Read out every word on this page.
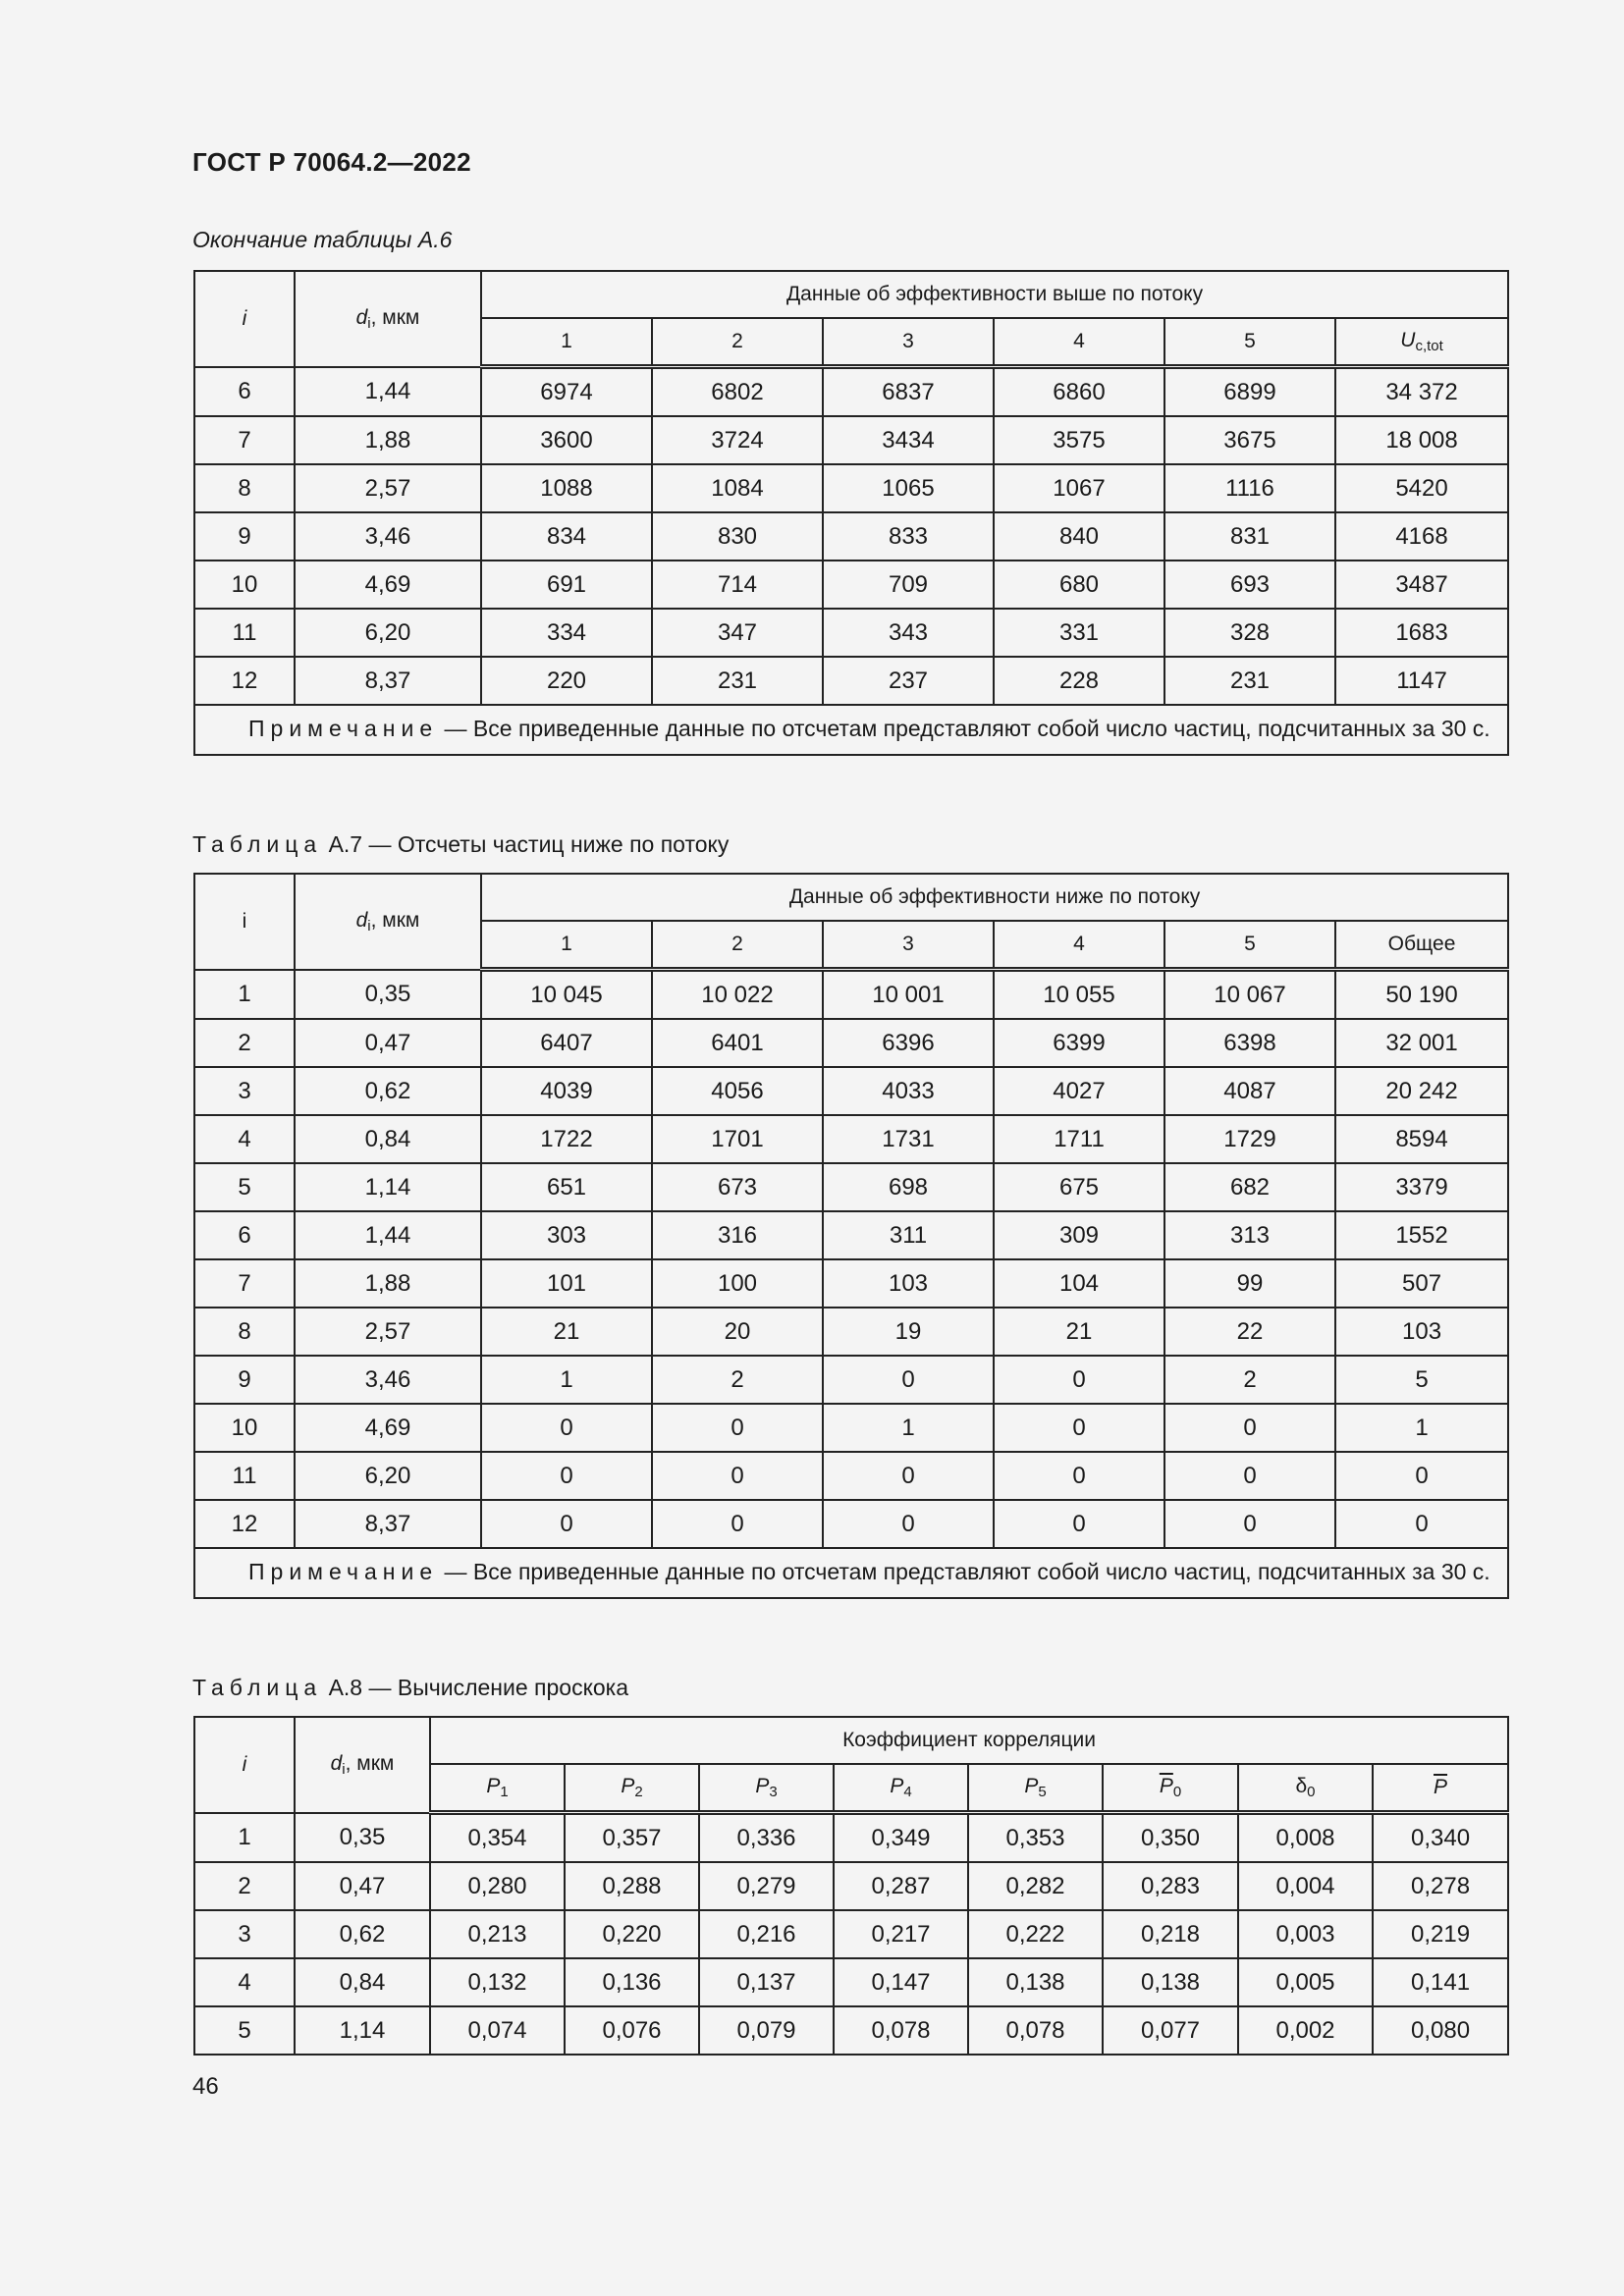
ГОСТ Р 70064.2—2022
Окончание таблицы А.6
i	$d_i$, мкм	Данные об эффективности выше по потоку					
		1	2	3	4	5	$U_{c,tot}$
6	1,44	6974	6802	6837	6860	6899	34 372
7	1,88	3600	3724	3434	3575	3675	18 008
8	2,57	1088	1084	1065	1067	1116	5420
9	3,46	834	830	833	840	831	4168
10	4,69	691	714	709	680	693	3487
11	6,20	334	347	343	331	328	1683
12	8,37	220	231	237	228	231	1147
Примечание — Все приведенные данные по отсчетам представляют собой число частиц, подсчитанных за 30 с.							
Таблица А.7 — Отсчеты частиц ниже по потоку
i	$d_i$, мкм	Данные об эффективности ниже по потоку					
		1	2	3	4	5	Общее
1	0,35	10 045	10 022	10 001	10 055	10 067	50 190
2	0,47	6407	6401	6396	6399	6398	32 001
3	0,62	4039	4056	4033	4027	4087	20 242
4	0,84	1722	1701	1731	1711	1729	8594
5	1,14	651	673	698	675	682	3379
6	1,44	303	316	311	309	313	1552
7	1,88	101	100	103	104	99	507
8	2,57	21	20	19	21	22	103
9	3,46	1	2	0	0	2	5
10	4,69	0	0	1	0	0	1
11	6,20	0	0	0	0	0	0
12	8,37	0	0	0	0	0	0
Примечание — Все приведенные данные по отсчетам представляют собой число частиц, подсчитанных за 30 с.							
Таблица А.8 — Вычисление проскока
i	$d_i$, мкм	Коэффициент корреляции							
		$P_1$	$P_2$	$P_3$	$P_4$	$P_5$	$\overline{P}_0$	$\delta_0$	$\overline{P}$
1	0,35	0,354	0,357	0,336	0,349	0,353	0,350	0,008	0,340
2	0,47	0,280	0,288	0,279	0,287	0,282	0,283	0,004	0,278
3	0,62	0,213	0,220	0,216	0,217	0,222	0,218	0,003	0,219
4	0,84	0,132	0,136	0,137	0,147	0,138	0,138	0,005	0,141
5	1,14	0,074	0,076	0,079	0,078	0,078	0,077	0,002	0,080
46
